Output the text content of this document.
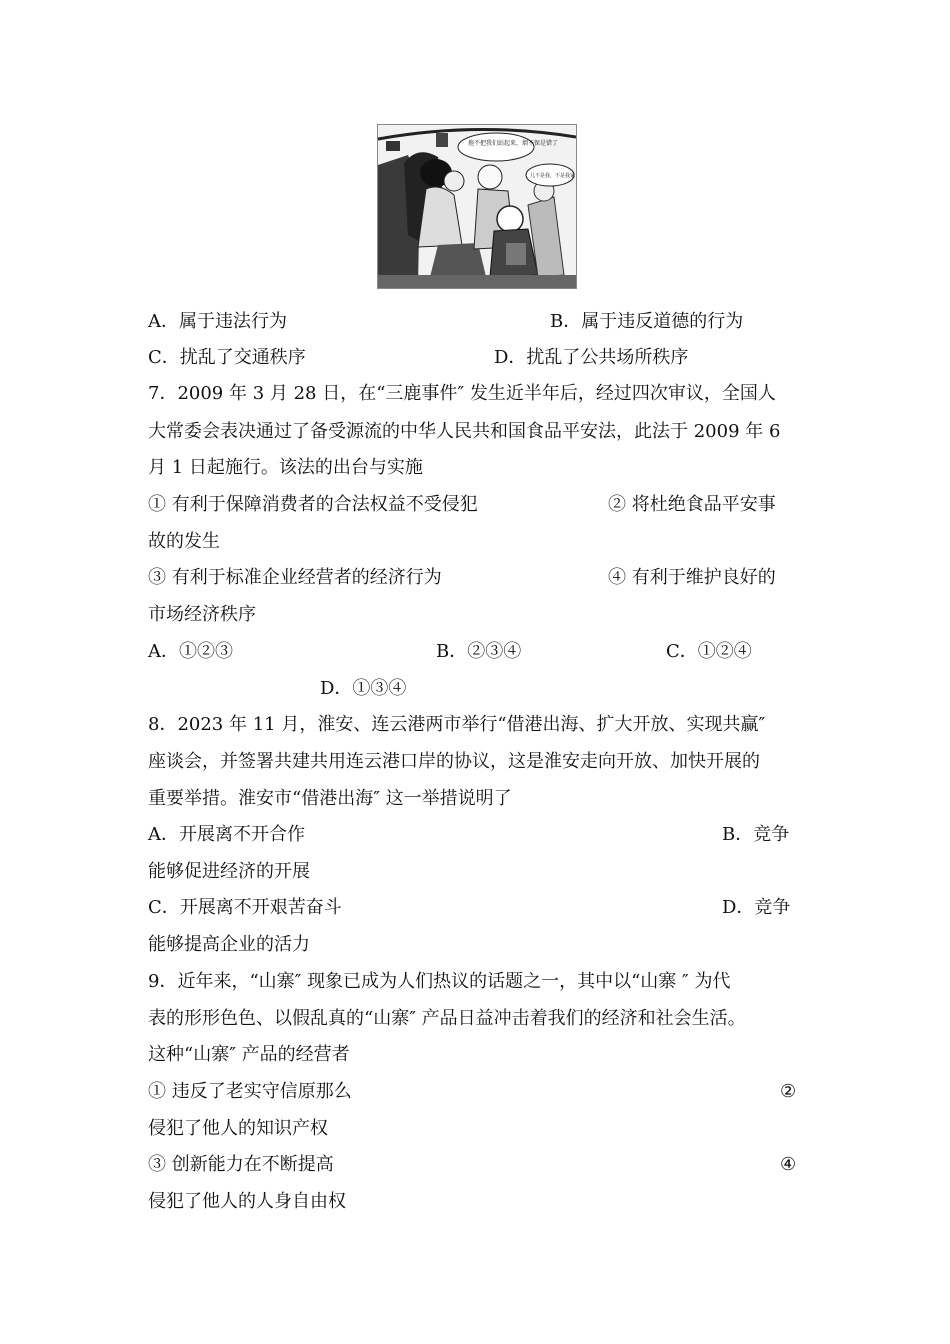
拖不把我们站起来，烟不保是错了
儿不是我，不是我家
A．属于违法行为	B．属于违反道德的行为
C．扰乱了交通秩序	D．扰乱了公共场所秩序
7．2009 年 3 月 28 日，在“三鹿事件″ 发生近半年后，经过四次审议，全国人
大常委会表决通过了备受源流的中华人民共和国食品平安法，此法于 2009 年 6
月 1 日起施行。该法的出台与实施
① 有利于保障消费者的合法权益不受侵犯	② 将杜绝食品平安事
故的发生
③ 有利于标准企业经营者的经济行为	④ 有利于维护良好的
市场经济秩序
A．①②③	B．②③④	C．①②④
D．①③④
8．2023 年 11 月，淮安、连云港两市举行“借港出海、扩大开放、实现共赢″
座谈会，并签署共建共用连云港口岸的协议，这是淮安走向开放、加快开展的
重要举措。淮安市“借港出海″ 这一举措说明了
A．开展离不开合作	B．竞争
能够促进经济的开展
C．开展离不开艰苦奋斗	D．竞争
能够提高企业的活力
9．近年来，“山寨″ 现象已成为人们热议的话题之一，其中以“山寨 ″ 为代
表的形形色色、以假乱真的“山寨″ 产品日益冲击着我们的经济和社会生活。
这种“山寨″ 产品的经营者
① 违反了老实守信原那么	②
侵犯了他人的知识产权
③ 创新能力在不断提高	④
侵犯了他人的人身自由权
